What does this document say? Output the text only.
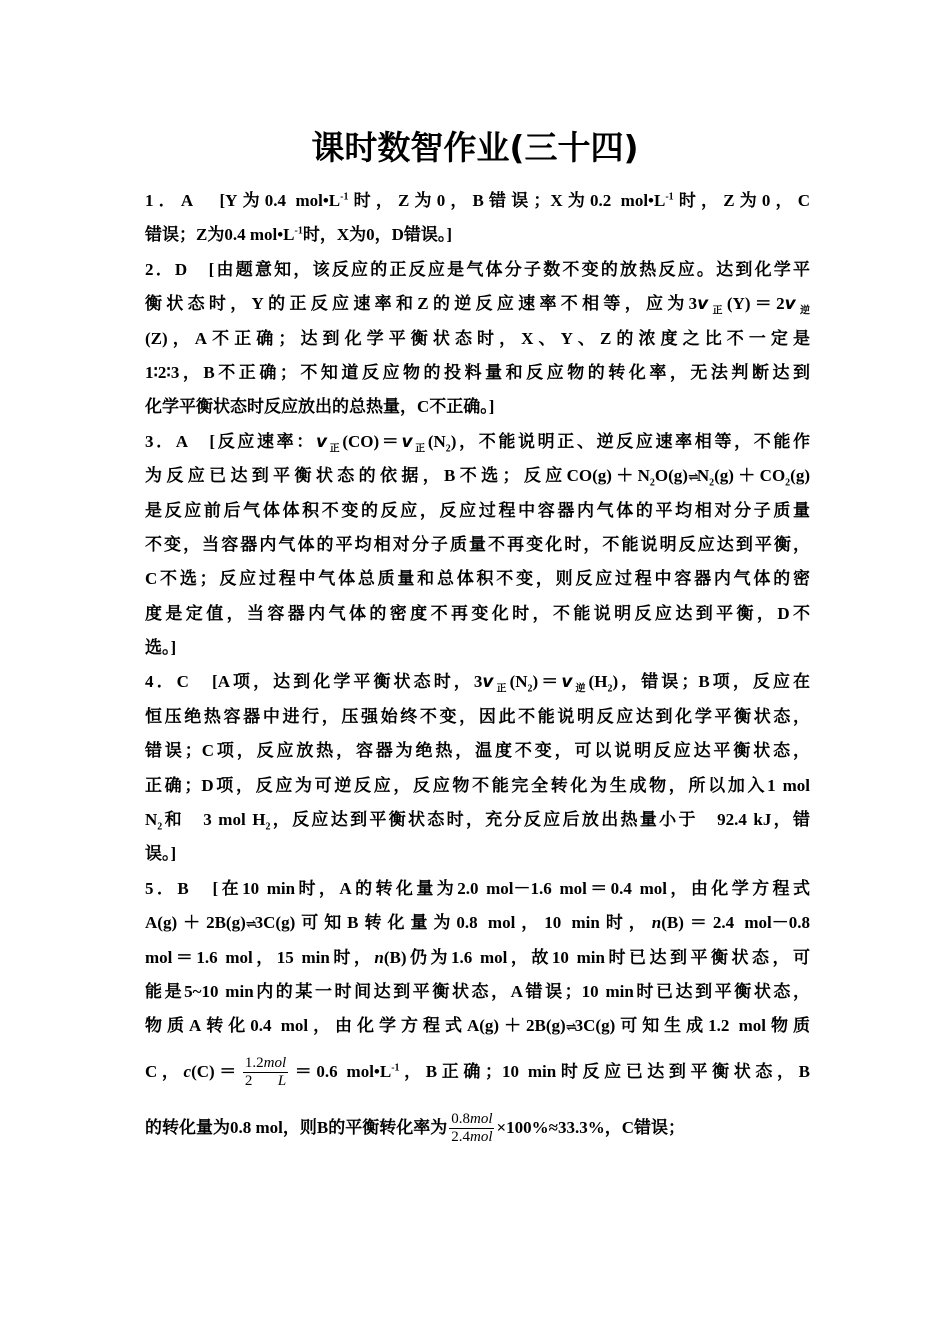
课时数智作业(三十四)
1．A　[Y为0.4 $mol•L^{-1}$时，Z为0，B错误；X为0.2 $mol•L^{-1}$时，Z为0，C
错误；Z为0.4 $mol•L^{-1}$时，X为0，D错误。]
2．D　[由题意知，该反应的正反应是气体分子数不变的放热反应。达到化学平
衡状态时，Y的正反应速率和Z的逆反应速率不相等，应为$3v_正(Y)=2v_逆$
(Z)，A不正确；达到化学平衡状态时，X、Y、Z的浓度之比不一定是
1∶2∶3，B不正确；不知道反应物的投料量和反应物的转化率，无法判断达到
化学平衡状态时反应放出的总热量，C不正确。]
3．A　[反应速率：$v_正(CO)=v_正(N_2)$，不能说明正、逆反应速率相等，不能作
为反应已达到平衡状态的依据，B不选；反应$CO(g)+N_2O(g)\rightleftharpoons N_2(g)+CO_2(g)$
是反应前后气体体积不变的反应，反应过程中容器内气体的平均相对分子质量
不变，当容器内气体的平均相对分子质量不再变化时，不能说明反应达到平衡，
C不选；反应过程中气体总质量和总体积不变，则反应过程中容器内气体的密
度是定值，当容器内气体的密度不再变化时，不能说明反应达到平衡，D不
选。]
4．C　[A项，达到化学平衡状态时，$3v_正(N_2)=v_逆(H_2)$，错误；B项，反应在
恒压绝热容器中进行，压强始终不变，因此不能说明反应达到化学平衡状态，
错误；C项，反应放热，容器为绝热，温度不变，可以说明反应达平衡状态，
正确；D项，反应为可逆反应，反应物不能完全转化为生成物，所以加入1 mol
$N_2$和　3 mol $H_2$，反应达到平衡状态时，充分反应后放出热量小于　92.4 kJ，错
误。]
5．B　[在10 min时，A的转化量为2.0 mol－1.6 mol＝0.4 mol，由化学方程式
A(g)＋2B(g)⇌3C(g)可知B转化量为0.8 mol，10 min时，n(B)＝2.4 mol－0.8
mol＝1.6 mol，15 min时，n(B)仍为1.6 mol，故10 min时已达到平衡状态，可
能是5~10 min内的某一时间达到平衡状态，A错误；10 min时已达到平衡状态，
物质A转化0.4 mol，由化学方程式A(g)＋2B(g)⇌3C(g)可知生成1.2 mol物质
C，$c(C)= \frac{\text{1.2mol}}{2 L} =0.6$ $mol•L^{-1}$，B正确；10 min时反应已达到平衡状态，B
的转化量为0.8 mol，则B的平衡转化率为 $\frac{\text{0.8mol}}{\text{2.4mol}} \times 100\%\approx 33.3\%$，C错误；
